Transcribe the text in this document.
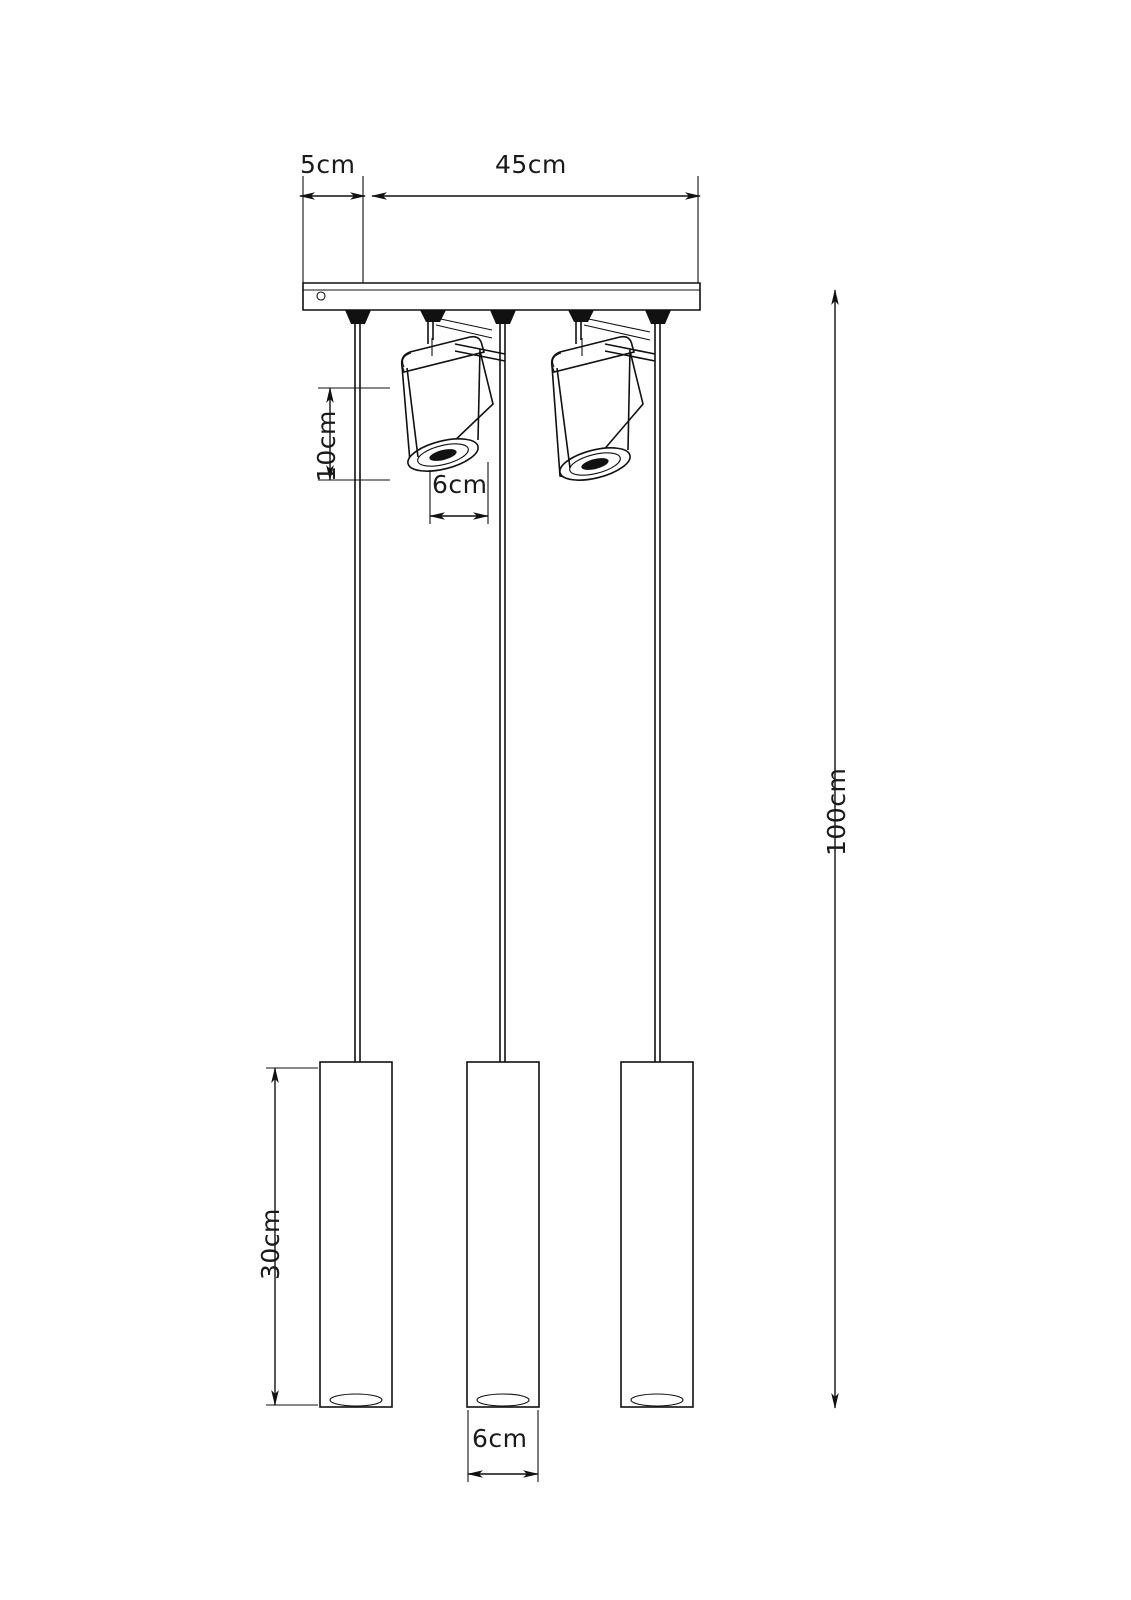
5cm	45cm
10cm
6cm
100cm
30cm
6cm
